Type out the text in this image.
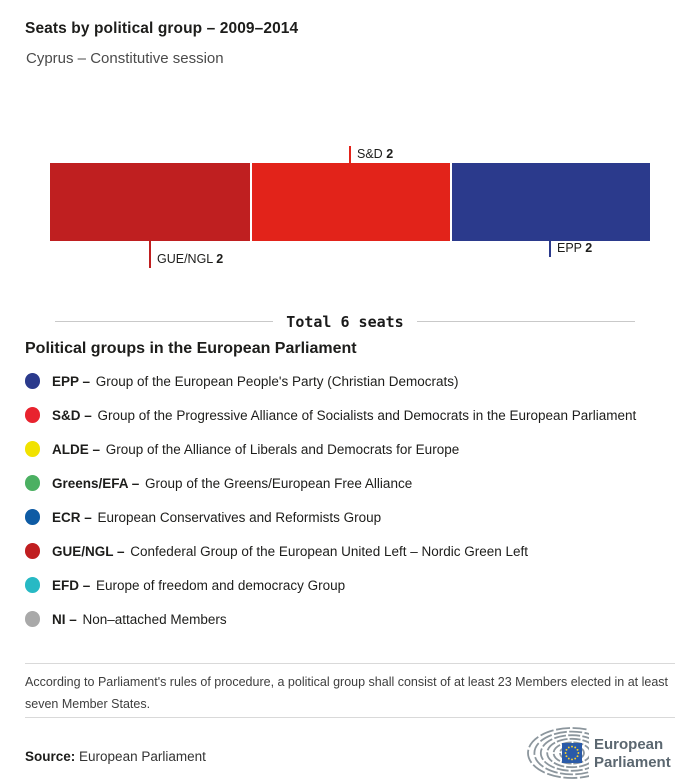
Seats by political group – 2009–2014
Cyprus – Constitutive session
GUE/NGL 2
S&D 2
EPP 2
Total 6 seats
Political groups in the European Parliament
EPP – Group of the European People's Party (Christian Democrats)
S&D – Group of the Progressive Alliance of Socialists and Democrats in the European Parliament
ALDE – Group of the Alliance of Liberals and Democrats for Europe
Greens/EFA – Group of the Greens/European Free Alliance
ECR – European Conservatives and Reformists Group
GUE/NGL – Confederal Group of the European United Left – Nordic Green Left
EFD – Europe of freedom and democracy Group
NI – Non–attached Members

According to Parliament's rules of procedure, a political group shall consist of at least 23 Members elected in at least seven Member States.

Source: European Parliament

European
Parliament
